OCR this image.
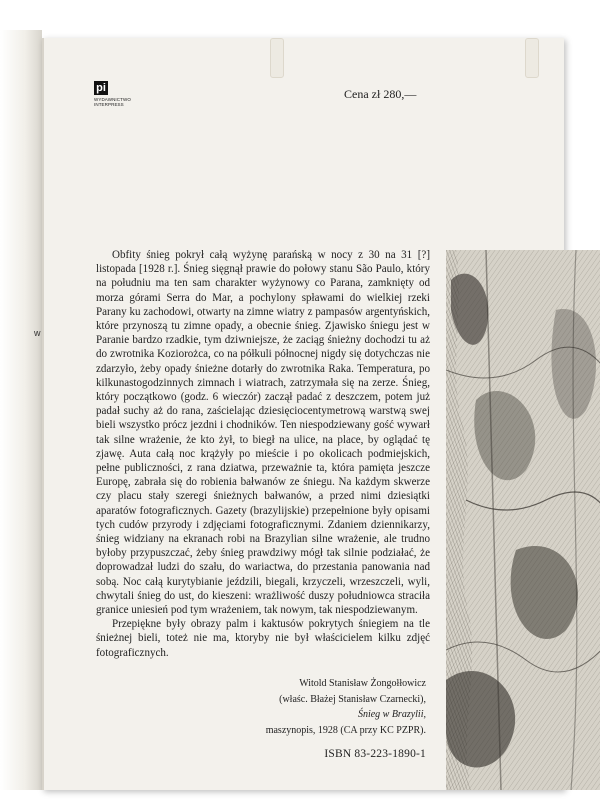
w
pi
WYDAWNICTWO
INTERPRESS
Cena zł 280,—

Obfity śnieg pokrył całą wyżynę parańską w nocy z 30 na 31 [?] listopada [1928 r.]. Śnieg sięgnął prawie do połowy stanu São Paulo, który na południu ma ten sam charakter wyżynowy co Parana, zamknięty od morza górami Serra do Mar, a pochylony spławami do wielkiej rzeki Parany ku zachodowi, otwarty na zimne wiatry z pampasów argentyńskich, które przynoszą tu zimne opady, a obecnie śnieg. Zjawisko śniegu jest w Paranie bardzo rzadkie, tym dziwniejsze, że zaciąg śnieżny dochodzi tu aż do zwrotnika Koziorożca, co na półkuli północnej nigdy się dotychczas nie zdarzyło, żeby opady śnieżne dotarły do zwrotnika Raka. Temperatura, po kilkunastogodzinnych zimnach i wiatrach, zatrzymała się na zerze. Śnieg, który początkowo (godz. 6 wieczór) zaczął padać z deszczem, potem już padał suchy aż do rana, zaścielając dziesięciocentymetrową warstwą swej bieli wszystko prócz jezdni i chodników. Ten niespodziewany gość wywarł tak silne wrażenie, że kto żył, to biegł na ulice, na place, by oglądać tę zjawę. Auta całą noc krążyły po mieście i po okolicach podmiejskich, pełne publiczności, z rana dziatwa, przeważnie ta, która pamięta jeszcze Europę, zabrała się do robienia bałwanów ze śniegu. Na każdym skwerze czy placu stały szeregi śnieżnych bałwanów, a przed nimi dziesiątki aparatów fotograficznych. Gazety (brazylijskie) przepełnione były opisami tych cudów przyrody i zdjęciami fotograficznymi. Zdaniem dziennikarzy, śnieg widziany na ekranach robi na Brazylian silne wrażenie, ale trudno byłoby przypuszczać, żeby śnieg prawdziwy mógł tak silnie podziałać, że doprowadzał ludzi do szału, do wariactwa, do przestania panowania nad sobą. Noc całą kurytybianie jeździli, biegali, krzyczeli, wrzeszczeli, wyli, chwytali śnieg do ust, do kieszeni: wrażliwość duszy południowca straciła granice uniesień pod tym wrażeniem, tak nowym, tak niespodziewanym.

Przepiękne były obrazy palm i kaktusów pokrytych śniegiem na tle śnieżnej bieli, toteż nie ma, ktoryby nie był właścicielem kilku zdjęć fotograficznych.

Witold Stanisław Żongołłowicz
(właśc. Błażej Stanisław Czarnecki),
Śnieg w Brazylii,
maszynopis, 1928 (CA przy KC PZPR).
ISBN 83-223-1890-1
